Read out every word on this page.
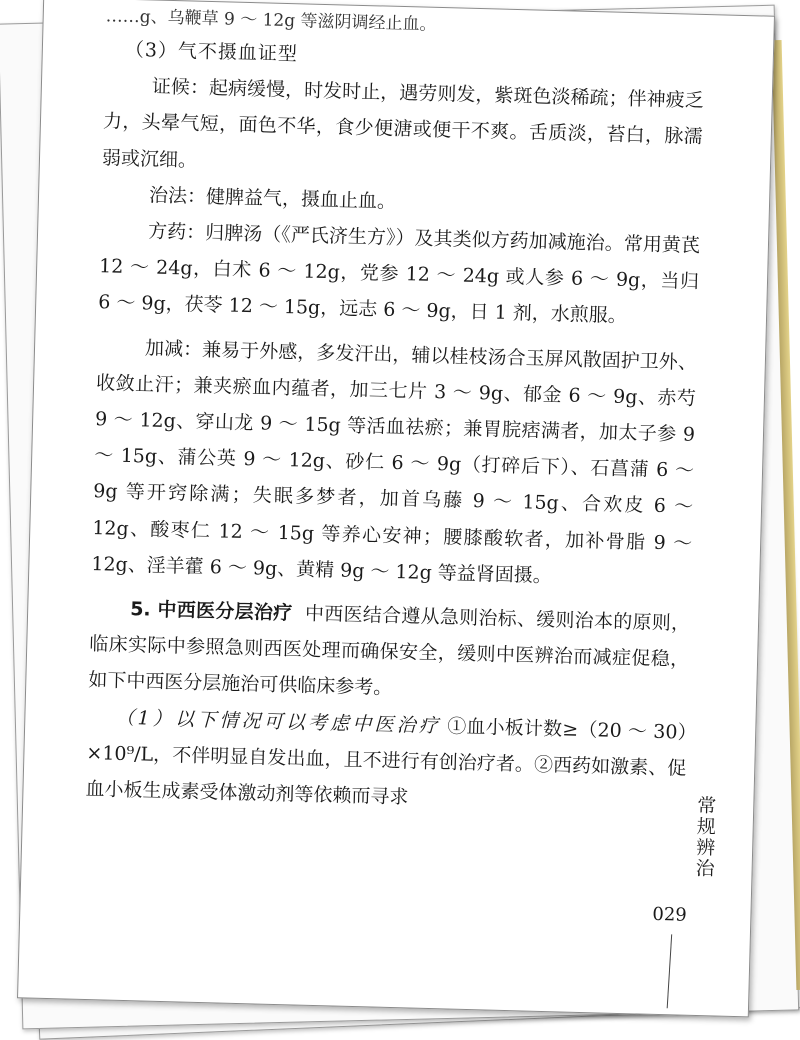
……g、乌鞭草 9 ～ 12g 等滋阴调经止血。

（3）气不摄血证型

证候：起病缓慢，时发时止，遇劳则发，紫斑色淡稀疏；伴神疲乏力，头晕气短，面色不华，食少便溏或便干不爽。舌质淡，苔白，脉濡弱或沉细。

治法：健脾益气，摄血止血。

方药：归脾汤（《严氏济生方》）及其类似方药加减施治。常用黄芪 12 ～ 24g，白术 6 ～ 12g，党参 12 ～ 24g 或人参 6 ～ 9g，当归 6 ～ 9g，茯苓 12 ～ 15g，远志 6 ～ 9g，日 1 剂，水煎服。

加减：兼易于外感，多发汗出，辅以桂枝汤合玉屏风散固护卫外、收敛止汗；兼夹瘀血内蕴者，加三七片 3 ～ 9g、郁金 6 ～ 9g、赤芍 9 ～ 12g、穿山龙 9 ～ 15g 等活血祛瘀；兼胃脘痞满者，加太子参 9 ～ 15g、蒲公英 9 ～ 12g、砂仁 6 ～ 9g（打碎后下）、石菖蒲 6 ～ 9g 等开窍除满；失眠多梦者，加首乌藤 9 ～ 15g、合欢皮 6 ～ 12g、酸枣仁 12 ～ 15g 等养心安神；腰膝酸软者，加补骨脂 9 ～ 12g、淫羊藿 6 ～ 9g、黄精 9g ～ 12g 等益肾固摄。

5. 中西医分层治疗 中西医结合遵从急则治标、缓则治本的原则，临床实际中参照急则西医处理而确保安全，缓则中医辨治而减症促稳，如下中西医分层施治可供临床参考。

（1）以下情况可以考虑中医治疗 ①血小板计数≥（20 ～ 30）×10⁹/L，不伴明显自发出血，且不进行有创治疗者。②西药如激素、促血小板生成素受体激动剂等依赖而寻求

常规辨治
029
